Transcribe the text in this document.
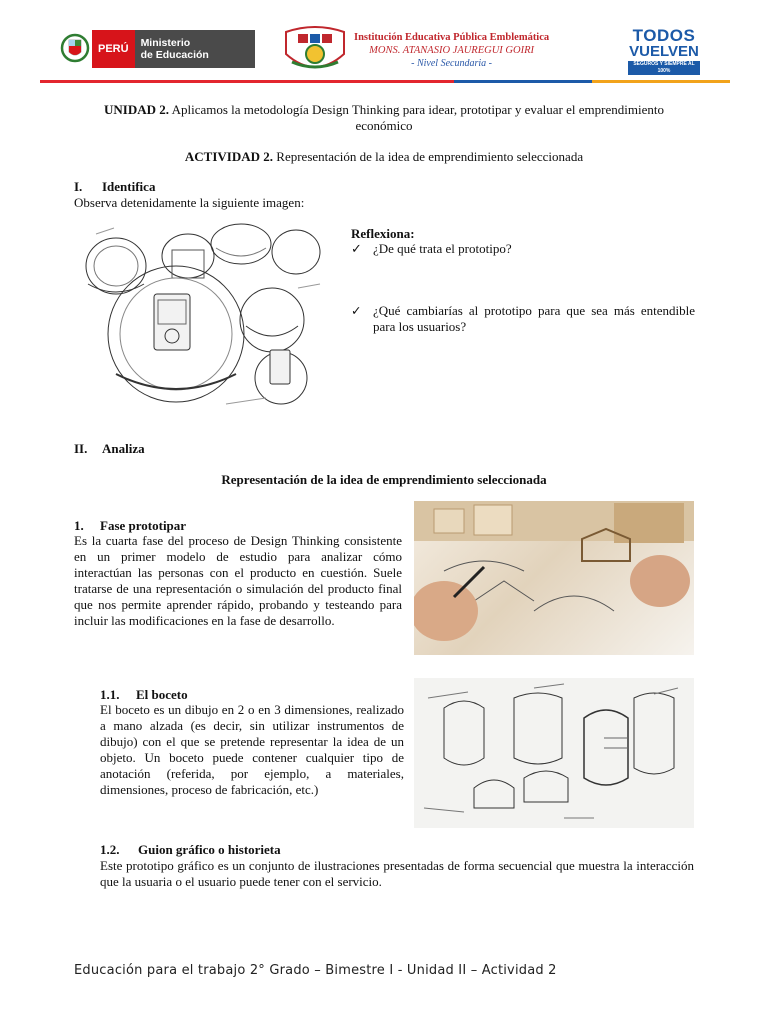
PERÚ	Ministerio
de Educación
Institución Educativa Pública Emblemática
MONS. ATANASIO JAUREGUI GOIRI
- Nivel Secundaria -
TODOS
VUELVEN
SEGUROS Y SIEMPRE AL 100%
UNIDAD 2. Aplicamos la metodología Design Thinking para idear, prototipar y evaluar el emprendimiento económico
ACTIVIDAD 2. Representación de la idea de emprendimiento seleccionada
I. Identifica
Observa detenidamente la siguiente imagen:
Reflexiona:
✓ ¿De qué trata el prototipo?
✓ ¿Qué cambiarías al prototipo para que sea más entendible para los usuarios?
II. Analiza
Representación de la idea de emprendimiento seleccionada
1. Fase prototipar
Es la cuarta fase del proceso de Design Thinking consistente en un primer modelo de estudio para analizar cómo interactúan las personas con el producto en cuestión. Suele tratarse de una representación o simulación del producto final que nos permite aprender rápido, probando y testeando para incluir las modificaciones en la fase de desarrollo.
1.1. El boceto
El boceto es un dibujo en 2 o en 3 dimensiones, realizado a mano alzada (es decir, sin utilizar instrumentos de dibujo) con el que se pretende representar la idea de un objeto. Un boceto puede contener cualquier tipo de anotación (referida, por ejemplo, a materiales, dimensiones, proceso de fabricación, etc.)
1.2. Guion gráfico o historieta
Este prototipo gráfico es un conjunto de ilustraciones presentadas de forma secuencial que muestra la interacción que la usuaria o el usuario puede tener con el servicio.
Educación para el trabajo 2° Grado – Bimestre I - Unidad II – Actividad 2
